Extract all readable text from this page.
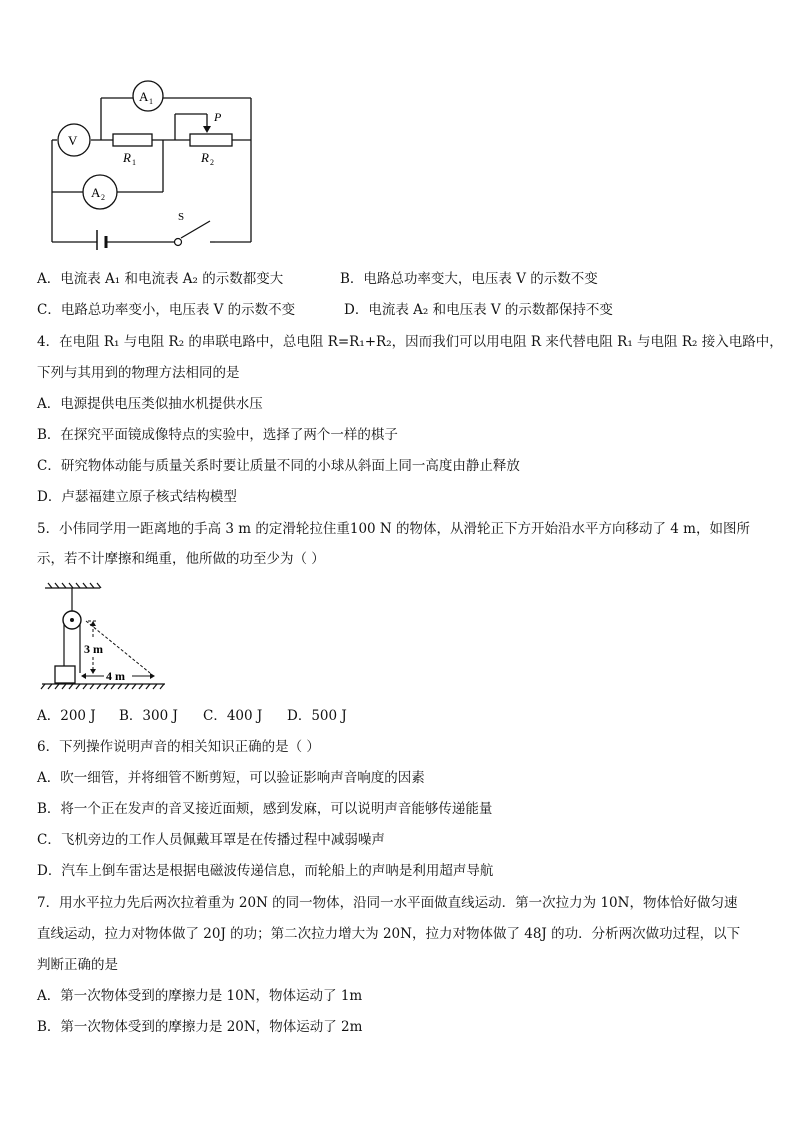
A 1
V
R 1	R 2
P
A 2
S
A．电流表 A₁ 和电流表 A₂ 的示数都变大	B．电路总功率变大，电压表 V 的示数不变
C．电路总功率变小，电压表 V 的示数不变	D．电流表 A₂ 和电压表 V 的示数都保持不变
4．在电阻 R₁ 与电阻 R₂ 的串联电路中，总电阻 R=R₁+R₂，因而我们可以用电阻 R 来代替电阻 R₁ 与电阻 R₂ 接入电路中，
下列与其用到的物理方法相同的是
A．电源提供电压类似抽水机提供水压
B．在探究平面镜成像特点的实验中，选择了两个一样的棋子
C．研究物体动能与质量关系时要让质量不同的小球从斜面上同一高度由静止释放
D．卢瑟福建立原子核式结构模型
5．小伟同学用一距离地的手高 3 m 的定滑轮拉住重100 N 的物体，从滑轮正下方开始沿水平方向移动了 4 m，如图所
示，若不计摩擦和绳重，他所做的功至少为（ ）
3 m
4 m
A．200 J B．300 J C．400 J D．500 J
6．下列操作说明声音的相关知识正确的是（ ）
A．吹一细管，并将细管不断剪短，可以验证影响声音响度的因素
B．将一个正在发声的音叉接近面颊，感到发麻，可以说明声音能够传递能量
C．飞机旁边的工作人员佩戴耳罩是在传播过程中减弱噪声
D．汽车上倒车雷达是根据电磁波传递信息，而轮船上的声呐是利用超声导航
7．用水平拉力先后两次拉着重为 20N 的同一物体，沿同一水平面做直线运动．第一次拉力为 10N，物体恰好做匀速
直线运动，拉力对物体做了 20J 的功；第二次拉力增大为 20N，拉力对物体做了 48J 的功．分析两次做功过程，以下
判断正确的是
A．第一次物体受到的摩擦力是 10N，物体运动了 1m
B．第一次物体受到的摩擦力是 20N，物体运动了 2m
